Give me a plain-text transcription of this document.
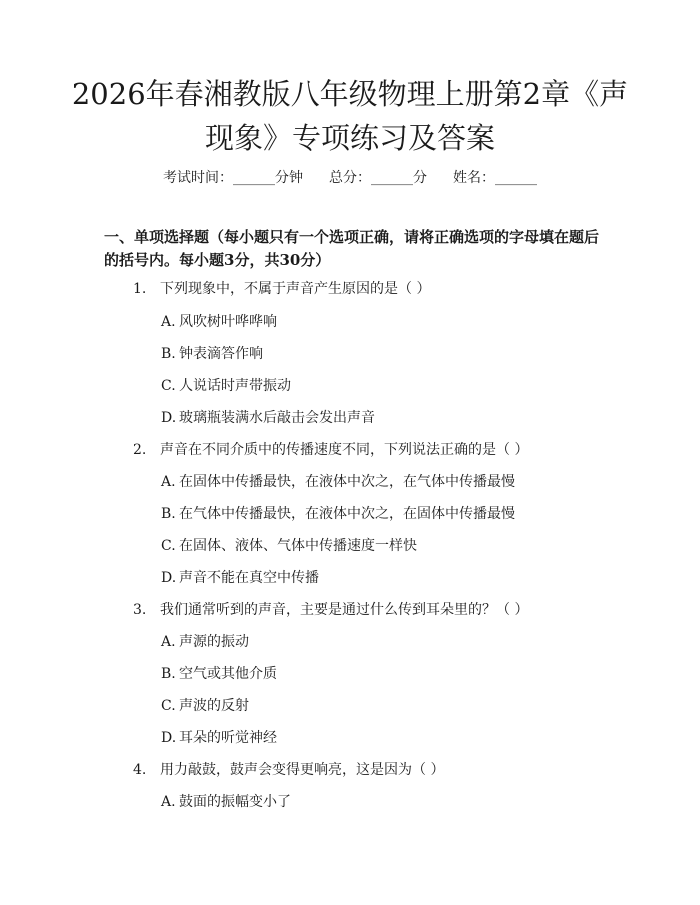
2026年春湘教版八年级物理上册第2章《声现象》专项练习及答案
考试时间：______分钟 总分：______分 姓名：______
一、单项选择题（每小题只有一个选项正确，请将正确选项的字母填在题后的括号内。每小题3分，共30分）
1. 下列现象中，不属于声音产生原因的是（ ）
A. 风吹树叶哗哗响
B. 钟表滴答作响
C. 人说话时声带振动
D. 玻璃瓶装满水后敲击会发出声音
2. 声音在不同介质中的传播速度不同，下列说法正确的是（ ）
A. 在固体中传播最快，在液体中次之，在气体中传播最慢
B. 在气体中传播最快，在液体中次之，在固体中传播最慢
C. 在固体、液体、气体中传播速度一样快
D. 声音不能在真空中传播
3. 我们通常听到的声音，主要是通过什么传到耳朵里的？（ ）
A. 声源的振动
B. 空气或其他介质
C. 声波的反射
D. 耳朵的听觉神经
4. 用力敲鼓，鼓声会变得更响亮，这是因为（ ）
A. 鼓面的振幅变小了
